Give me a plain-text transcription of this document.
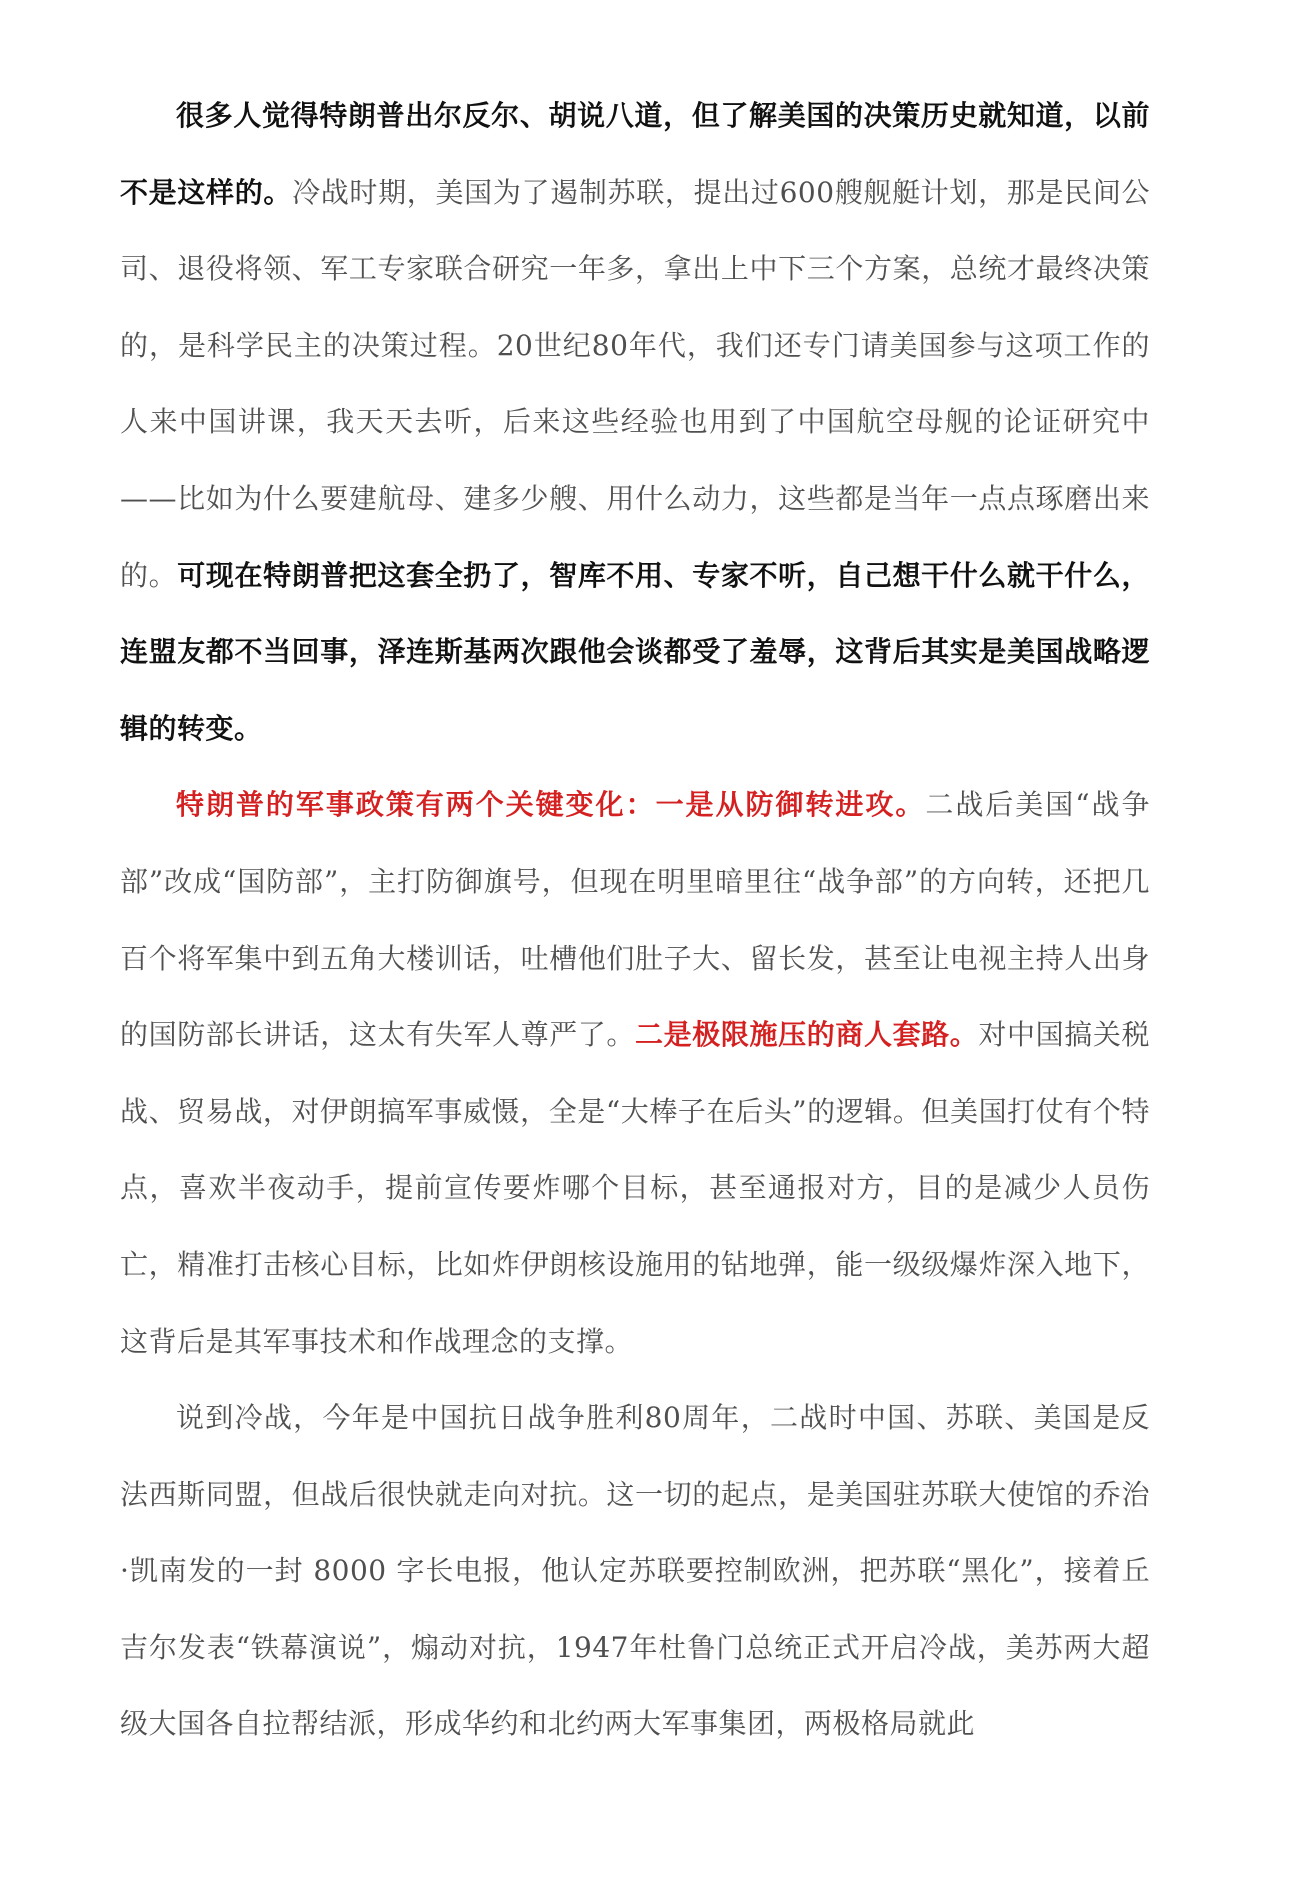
很多人觉得特朗普出尔反尔、胡说八道，但了解美国的决策历史就知道，以前不是这样的。冷战时期，美国为了遏制苏联，提出过600艘舰艇计划，那是民间公司、退役将领、军工专家联合研究一年多，拿出上中下三个方案，总统才最终决策的，是科学民主的决策过程。20世纪80年代，我们还专门请美国参与这项工作的人来中国讲课，我天天去听，后来这些经验也用到了中国航空母舰的论证研究中——比如为什么要建航母、建多少艘、用什么动力，这些都是当年一点点琢磨出来的。可现在特朗普把这套全扔了，智库不用、专家不听，自己想干什么就干什么，连盟友都不当回事，泽连斯基两次跟他会谈都受了羞辱，这背后其实是美国战略逻辑的转变。

特朗普的军事政策有两个关键变化：一是从防御转进攻。二战后美国“战争部”改成“国防部”，主打防御旗号，但现在明里暗里往“战争部”的方向转，还把几百个将军集中到五角大楼训话，吐槽他们肚子大、留长发，甚至让电视主持人出身的国防部长讲话，这太有失军人尊严了。二是极限施压的商人套路。对中国搞关税战、贸易战，对伊朗搞军事威慑，全是“大棒子在后头”的逻辑。但美国打仗有个特点，喜欢半夜动手，提前宣传要炸哪个目标，甚至通报对方，目的是减少人员伤亡，精准打击核心目标，比如炸伊朗核设施用的钻地弹，能一级级爆炸深入地下，这背后是其军事技术和作战理念的支撑。

说到冷战，今年是中国抗日战争胜利80周年，二战时中国、苏联、美国是反法西斯同盟，但战后很快就走向对抗。这一切的起点，是美国驻苏联大使馆的乔治·凯南发的一封 8000 字长电报，他认定苏联要控制欧洲，把苏联“黑化”，接着丘吉尔发表“铁幕演说”，煽动对抗，1947年杜鲁门总统正式开启冷战，美苏两大超级大国各自拉帮结派，形成华约和北约两大军事集团，两极格局就此
